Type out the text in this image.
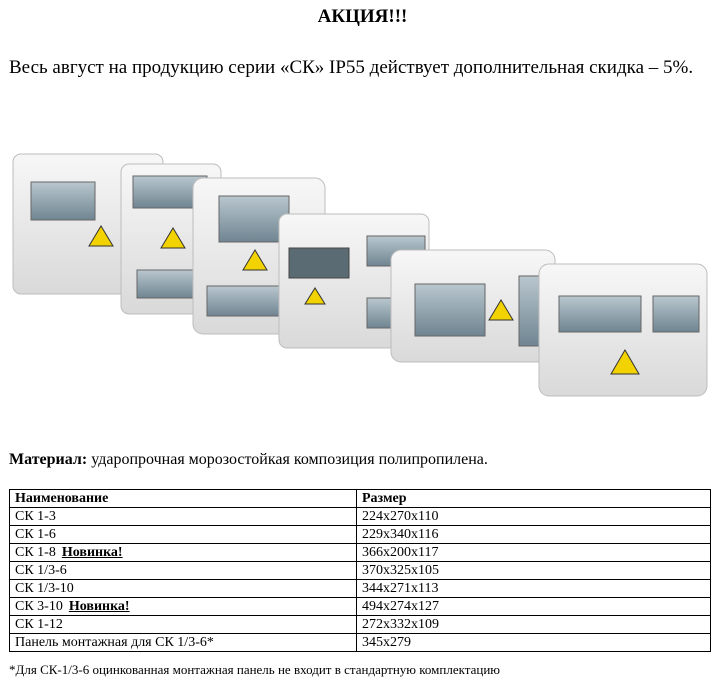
АКЦИЯ!!!
Весь август на продукцию серии «СК» IP55 действует дополнительная скидка – 5%.
Материал: ударопрочная морозостойкая композиция полипропилена.
Наименование	Размер
СК 1-3	224x270x110
СК 1-6	229x340x116
СК 1-8 Новинка!	366x200x117
СК 1/3-6	370x325x105
СК 1/3-10	344x271x113
СК 3-10 Новинка!	494x274x127
СК 1-12	272x332x109
Панель монтажная для СК 1/3-6*	345x279
*Для СК-1/3-6 оцинкованная монтажная панель не входит в стандартную комплектацию
